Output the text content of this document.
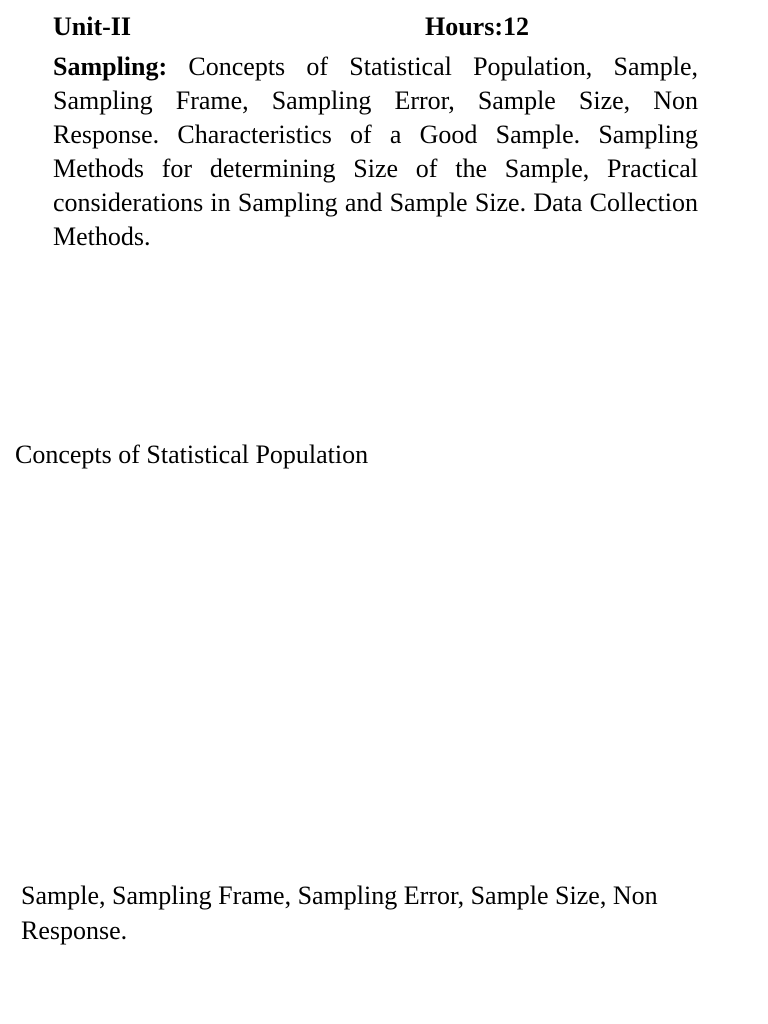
Unit-II	Hours:12

Sampling: Concepts of Statistical Population, Sample, Sampling Frame, Sampling Error, Sample Size, Non Response. Characteristics of a Good Sample. Sampling Methods for determining Size of the Sample, Practical considerations in Sampling and Sample Size. Data Collection Methods.

Concepts of Statistical Population

Sample, Sampling Frame, Sampling Error, Sample Size, Non Response.
